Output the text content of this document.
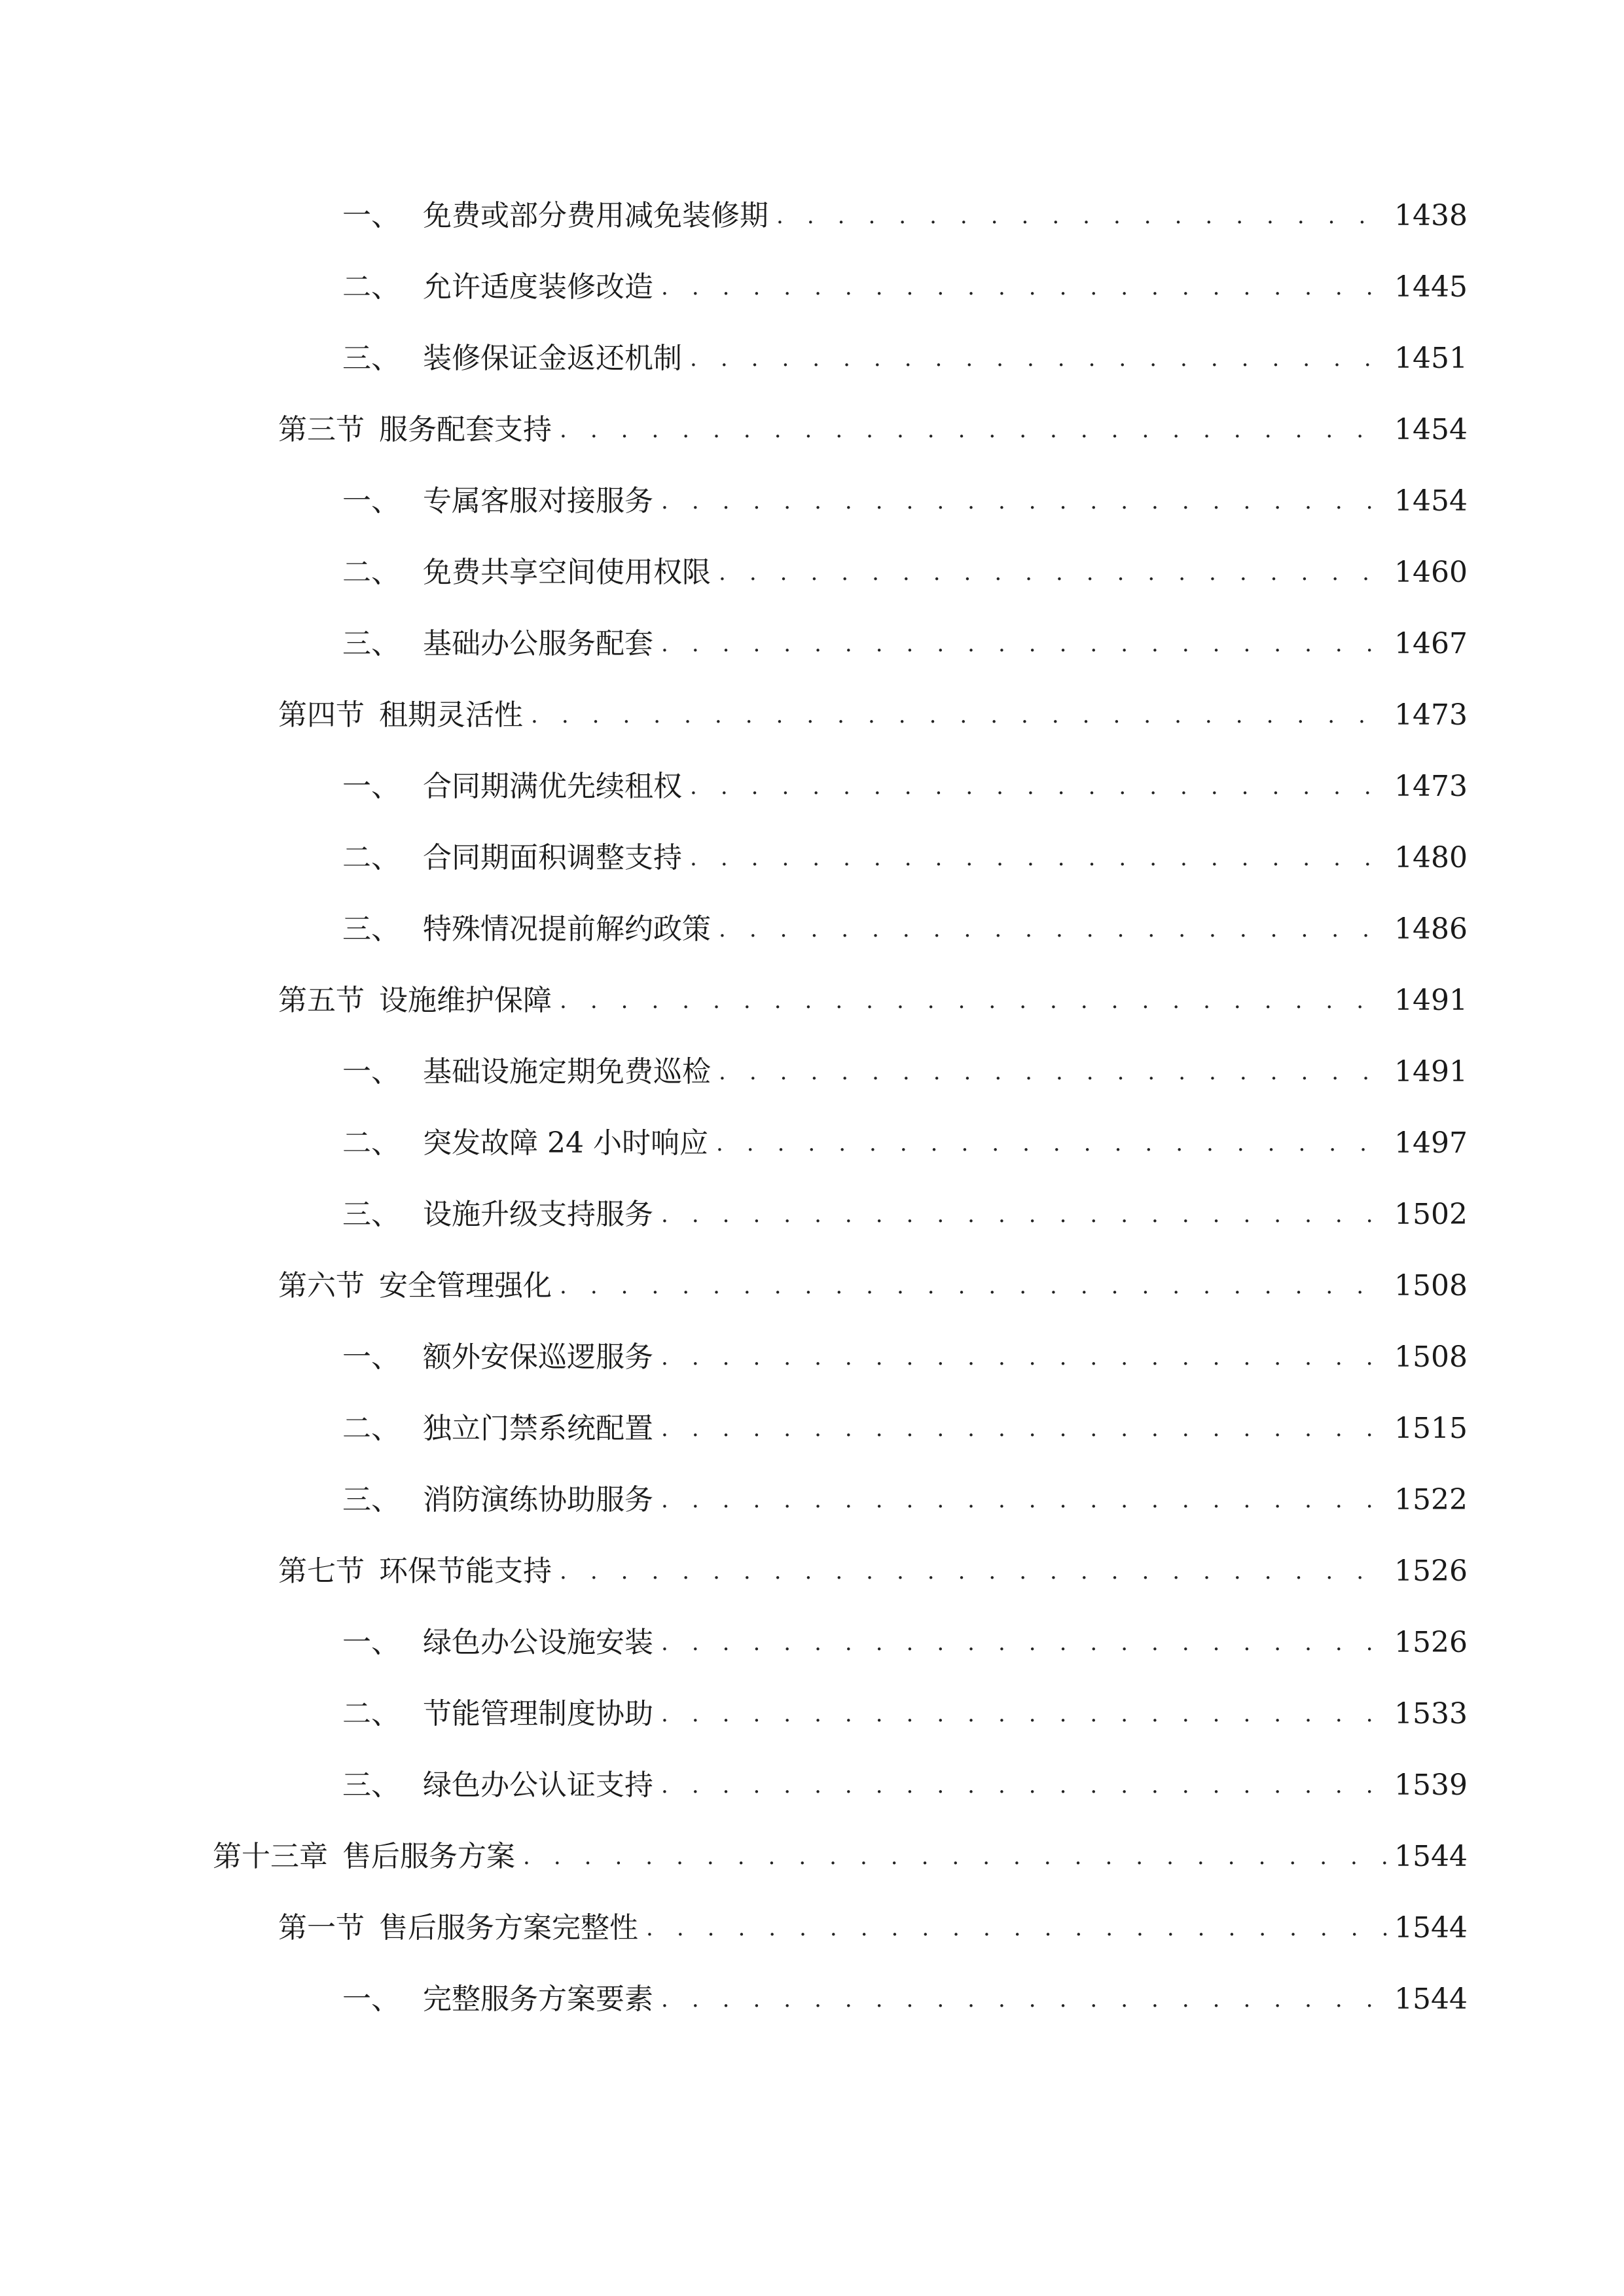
一、 免费或部分费用减免装修期 . . .	1438
二、 允许适度装修改造 . . .	1445
三、 装修保证金返还机制 . . .	1451
第三节 服务配套支持 . . .	1454
一、 专属客服对接服务 . . .	1454
二、 免费共享空间使用权限 . . .	1460
三、 基础办公服务配套 . . .	1467
第四节 租期灵活性 . . .	1473
一、 合同期满优先续租权 . . .	1473
二、 合同期面积调整支持 . . .	1480
三、 特殊情况提前解约政策 . . .	1486
第五节 设施维护保障 . . .	1491
一、 基础设施定期免费巡检 . . .	1491
二、 突发故障 24 小时响应 . . .	1497
三、 设施升级支持服务 . . .	1502
第六节 安全管理强化 . . .	1508
一、 额外安保巡逻服务 . . .	1508
二、 独立门禁系统配置 . . .	1515
三、 消防演练协助服务 . . .	1522
第七节 环保节能支持 . . .	1526
一、 绿色办公设施安装 . . .	1526
二、 节能管理制度协助 . . .	1533
三、 绿色办公认证支持 . . .	1539
第十三章 售后服务方案 . . .	1544
第一节 售后服务方案完整性 . . .	1544
一、 完整服务方案要素 . . .	1544
